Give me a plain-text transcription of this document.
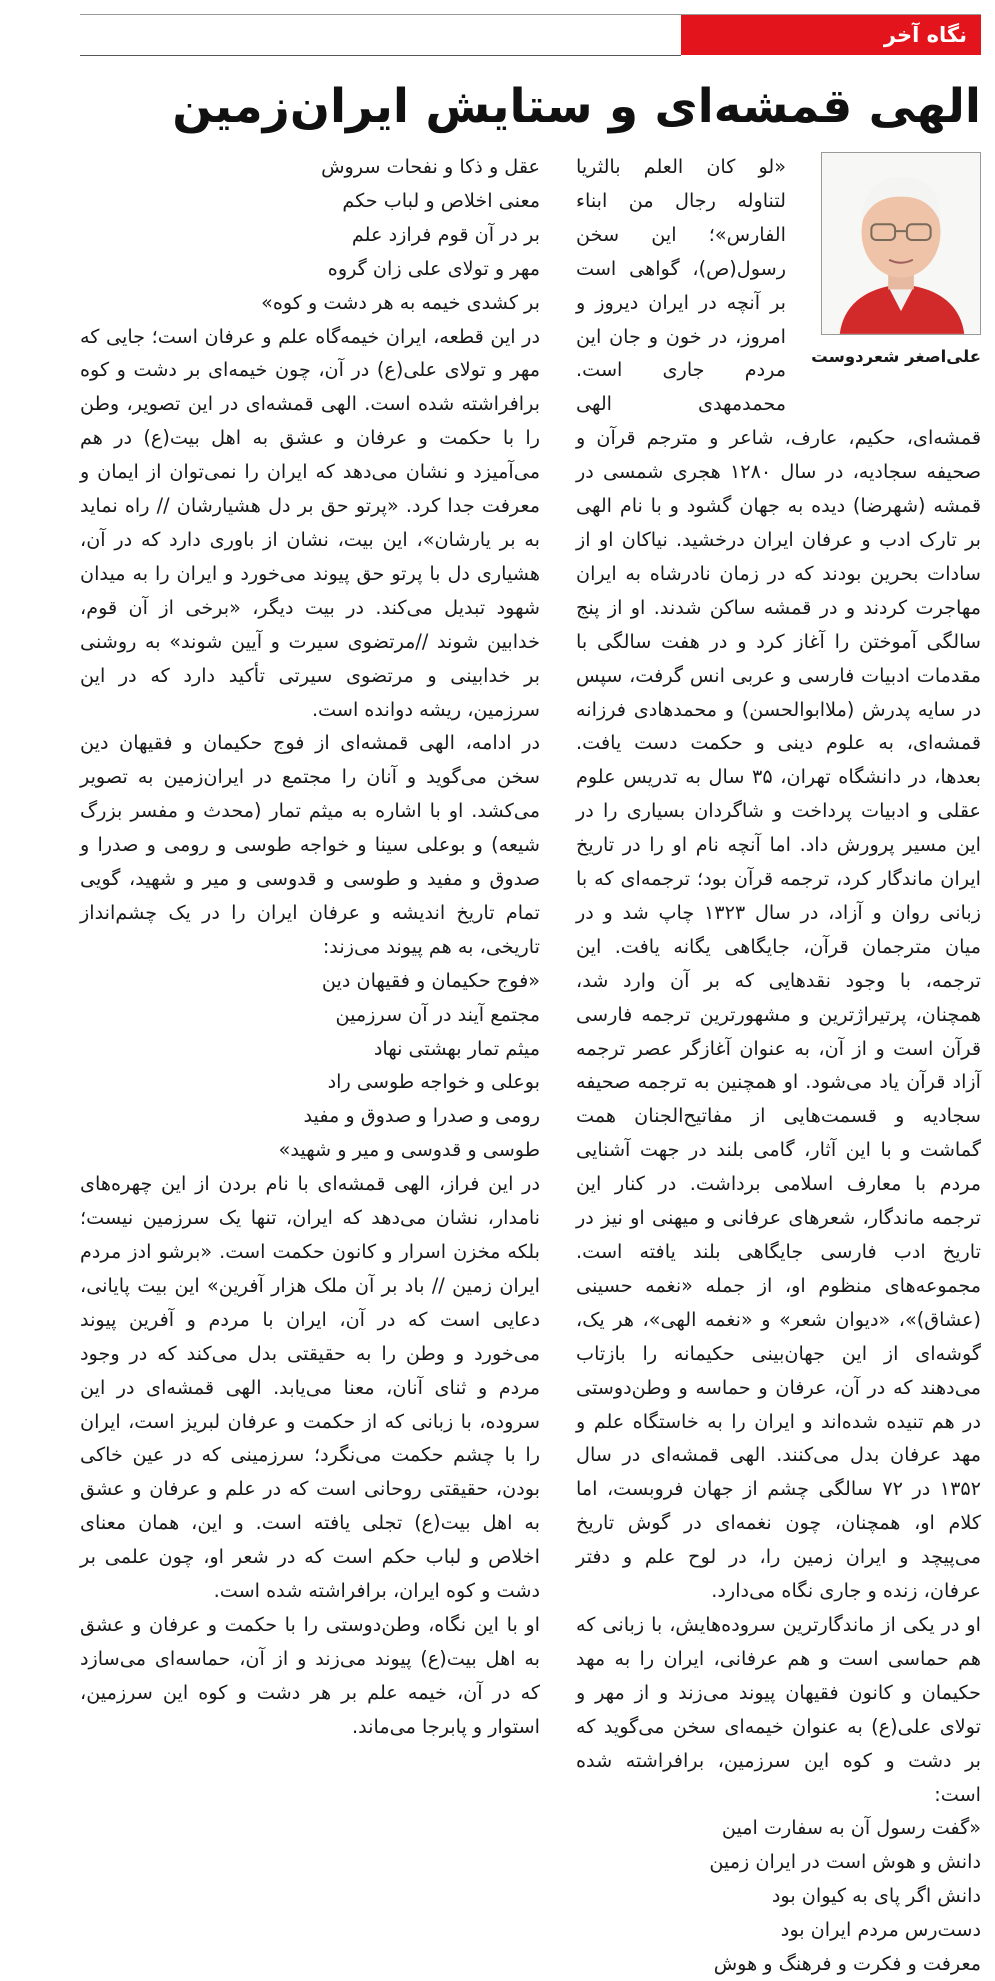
نگاه آخر
الهی قمشه‌ای و ستایش ایران‌زمین
علی‌اصغر شعردوست

«لو كان العلم بالثريا لتناوله رجال من ابناء الفارس»؛ این سخن رسول(ص)، گواهی است بر آنچه در ایران دیروز و امروز، در خون و جان این مردم جاری است. محمدمهدی الهی قمشه‌ای، حکیم، عارف، شاعر و مترجم قرآن و صحیفه سجادیه، در سال ۱۲۸۰ هجری شمسی در قمشه (شهرضا) دیده به جهان گشود و با نام الهی بر تارک ادب و عرفان ایران درخشید. نیاکان او از سادات بحرین بودند که در زمان نادرشاه به ایران مهاجرت کردند و در قمشه ساکن شدند. او از پنج سالگی آموختن را آغاز کرد و در هفت سالگی با مقدمات ادبیات فارسی و عربی انس گرفت، سپس در سایه پدرش (ملاابوالحسن) و محمدهادی فرزانه قمشه‌ای، به علوم دینی و حکمت دست یافت. بعدها، در دانشگاه تهران، ۳۵ سال به تدریس علوم عقلی و ادبیات پرداخت و شاگردان بسیاری را در این مسیر پرورش داد. اما آنچه نام او را در تاریخ ایران ماندگار کرد، ترجمه قرآن بود؛ ترجمه‌ای که با زبانی روان و آزاد، در سال ۱۳۲۳ چاپ شد و در میان مترجمان قرآن، جایگاهی یگانه یافت. این ترجمه، با وجود نقدهایی که بر آن وارد شد، همچنان، پرتیراژترین و مشهورترین ترجمه فارسی قرآن است و از آن، به عنوان آغازگر عصر ترجمه آزاد قرآن یاد می‌شود. او همچنین به ترجمه صحیفه سجادیه و قسمت‌هایی از مفاتیح‌الجنان همت گماشت و با این آثار، گامی بلند در جهت آشنایی مردم با معارف اسلامی برداشت. در کنار این ترجمه ماندگار، شعرهای عرفانی و میهنی او نیز در تاریخ ادب فارسی جایگاهی بلند یافته است. مجموعه‌های منظوم او، از جمله «نغمه حسینی (عشاق)»، «دیوان شعر» و «نغمه الهی»، هر یک، گوشه‌ای از این جهان‌بینی حکیمانه را بازتاب می‌دهند که در آن، عرفان و حماسه و وطن‌دوستی در هم تنیده شده‌اند و ایران را به خاستگاه علم و مهد عرفان بدل می‌کنند. الهی قمشه‌ای در سال ۱۳۵۲ در ۷۲ سالگی چشم از جهان فروبست، اما کلام او، همچنان، چون نغمه‌ای در گوش تاریخ می‌پیچد و ایران زمین را، در لوح علم و دفتر عرفان، زنده و جاری نگاه می‌دارد.

او در یکی از ماندگارترین سروده‌هایش، با زبانی که هم حماسی است و هم عرفانی، ایران را به مهد حکیمان و کانون فقیهان پیوند می‌زند و از مهر و تولای علی(ع) به عنوان خیمه‌ای سخن می‌گوید که بر دشت و کوه این سرزمین، برافراشته شده است:

«گفت رسول آن به سفارت امین
دانش و هوش است در ایران زمین
دانش اگر پای به کیوان بود
دست‌رس مردم ایران بود
معرفت و فکرت و فرهنگ و هوش
عقل و ذکا و نفحات سروش
معنی اخلاص و لباب حکم
بر در آن قوم فرازد علم
مهر و تولای علی زان گروه
بر کشدی خیمه به هر دشت و کوه»

در این قطعه، ایران خیمه‌گاه علم و عرفان است؛ جایی که مهر و تولای علی(ع) در آن، چون خیمه‌ای بر دشت و کوه برافراشته شده است. الهی قمشه‌ای در این تصویر، وطن را با حکمت و عرفان و عشق به اهل بیت(ع) در هم می‌آمیزد و نشان می‌دهد که ایران را نمی‌توان از ایمان و معرفت جدا کرد. «پرتو حق بر دل هشیارشان // راه نماید به بر یارشان»، این بیت، نشان از باوری دارد که در آن، هشیاری دل با پرتو حق پیوند می‌خورد و ایران را به میدان شهود تبدیل می‌کند. در بیت دیگر، «برخی از آن قوم، خدابین شوند //مرتضوی سیرت و آیین شوند» به روشنی بر خدابینی و مرتضوی سیرتی تأکید دارد که در این سرزمین، ریشه دوانده است.

در ادامه، الهی قمشه‌ای از فوج حکیمان و فقیهان دین سخن می‌گوید و آنان را مجتمع در ایران‌زمین به تصویر می‌کشد. او با اشاره به میثم تمار (محدث و مفسر بزرگ شیعه) و بوعلی سینا و خواجه طوسی و رومی و صدرا و صدوق و مفید و طوسی و قدوسی و میر و شهید، گویی تمام تاریخ اندیشه و عرفان ایران را در یک چشم‌انداز تاریخی، به هم پیوند می‌زند:

«فوج حکیمان و فقیهان دین
مجتمع آیند در آن سرزمین
میثم تمار بهشتی نهاد
بوعلی و خواجه طوسی راد
رومی و صدرا و صدوق و مفید
طوسی و قدوسی و میر و شهید»

در این فراز، الهی قمشه‌ای با نام بردن از این چهره‌های نامدار، نشان می‌دهد که ایران، تنها یک سرزمین نیست؛ بلکه مخزن اسرار و کانون حکمت است. «برشو ادز مردم ایران زمین // باد بر آن ملک هزار آفرین» این بیت پایانی، دعایی است که در آن، ایران با مردم و آفرین پیوند می‌خورد و وطن را به حقیقتی بدل می‌کند که در وجود مردم و ثنای آنان، معنا می‌یابد. الهی قمشه‌ای در این سروده، با زبانی که از حکمت و عرفان لبریز است، ایران را با چشم حکمت می‌نگرد؛ سرزمینی که در عین خاکی بودن، حقیقتی روحانی است که در علم و عرفان و عشق به اهل بیت(ع) تجلی یافته است. و این، همان معنای اخلاص و لباب حکم است که در شعر او، چون علمی بر دشت و کوه ایران، برافراشته شده است.

او با این نگاه، وطن‌دوستی را با حکمت و عرفان و عشق به اهل بیت(ع) پیوند می‌زند و از آن، حماسه‌ای می‌سازد که در آن، خیمه علم بر هر دشت و کوه این سرزمین، استوار و پابرجا می‌ماند.
